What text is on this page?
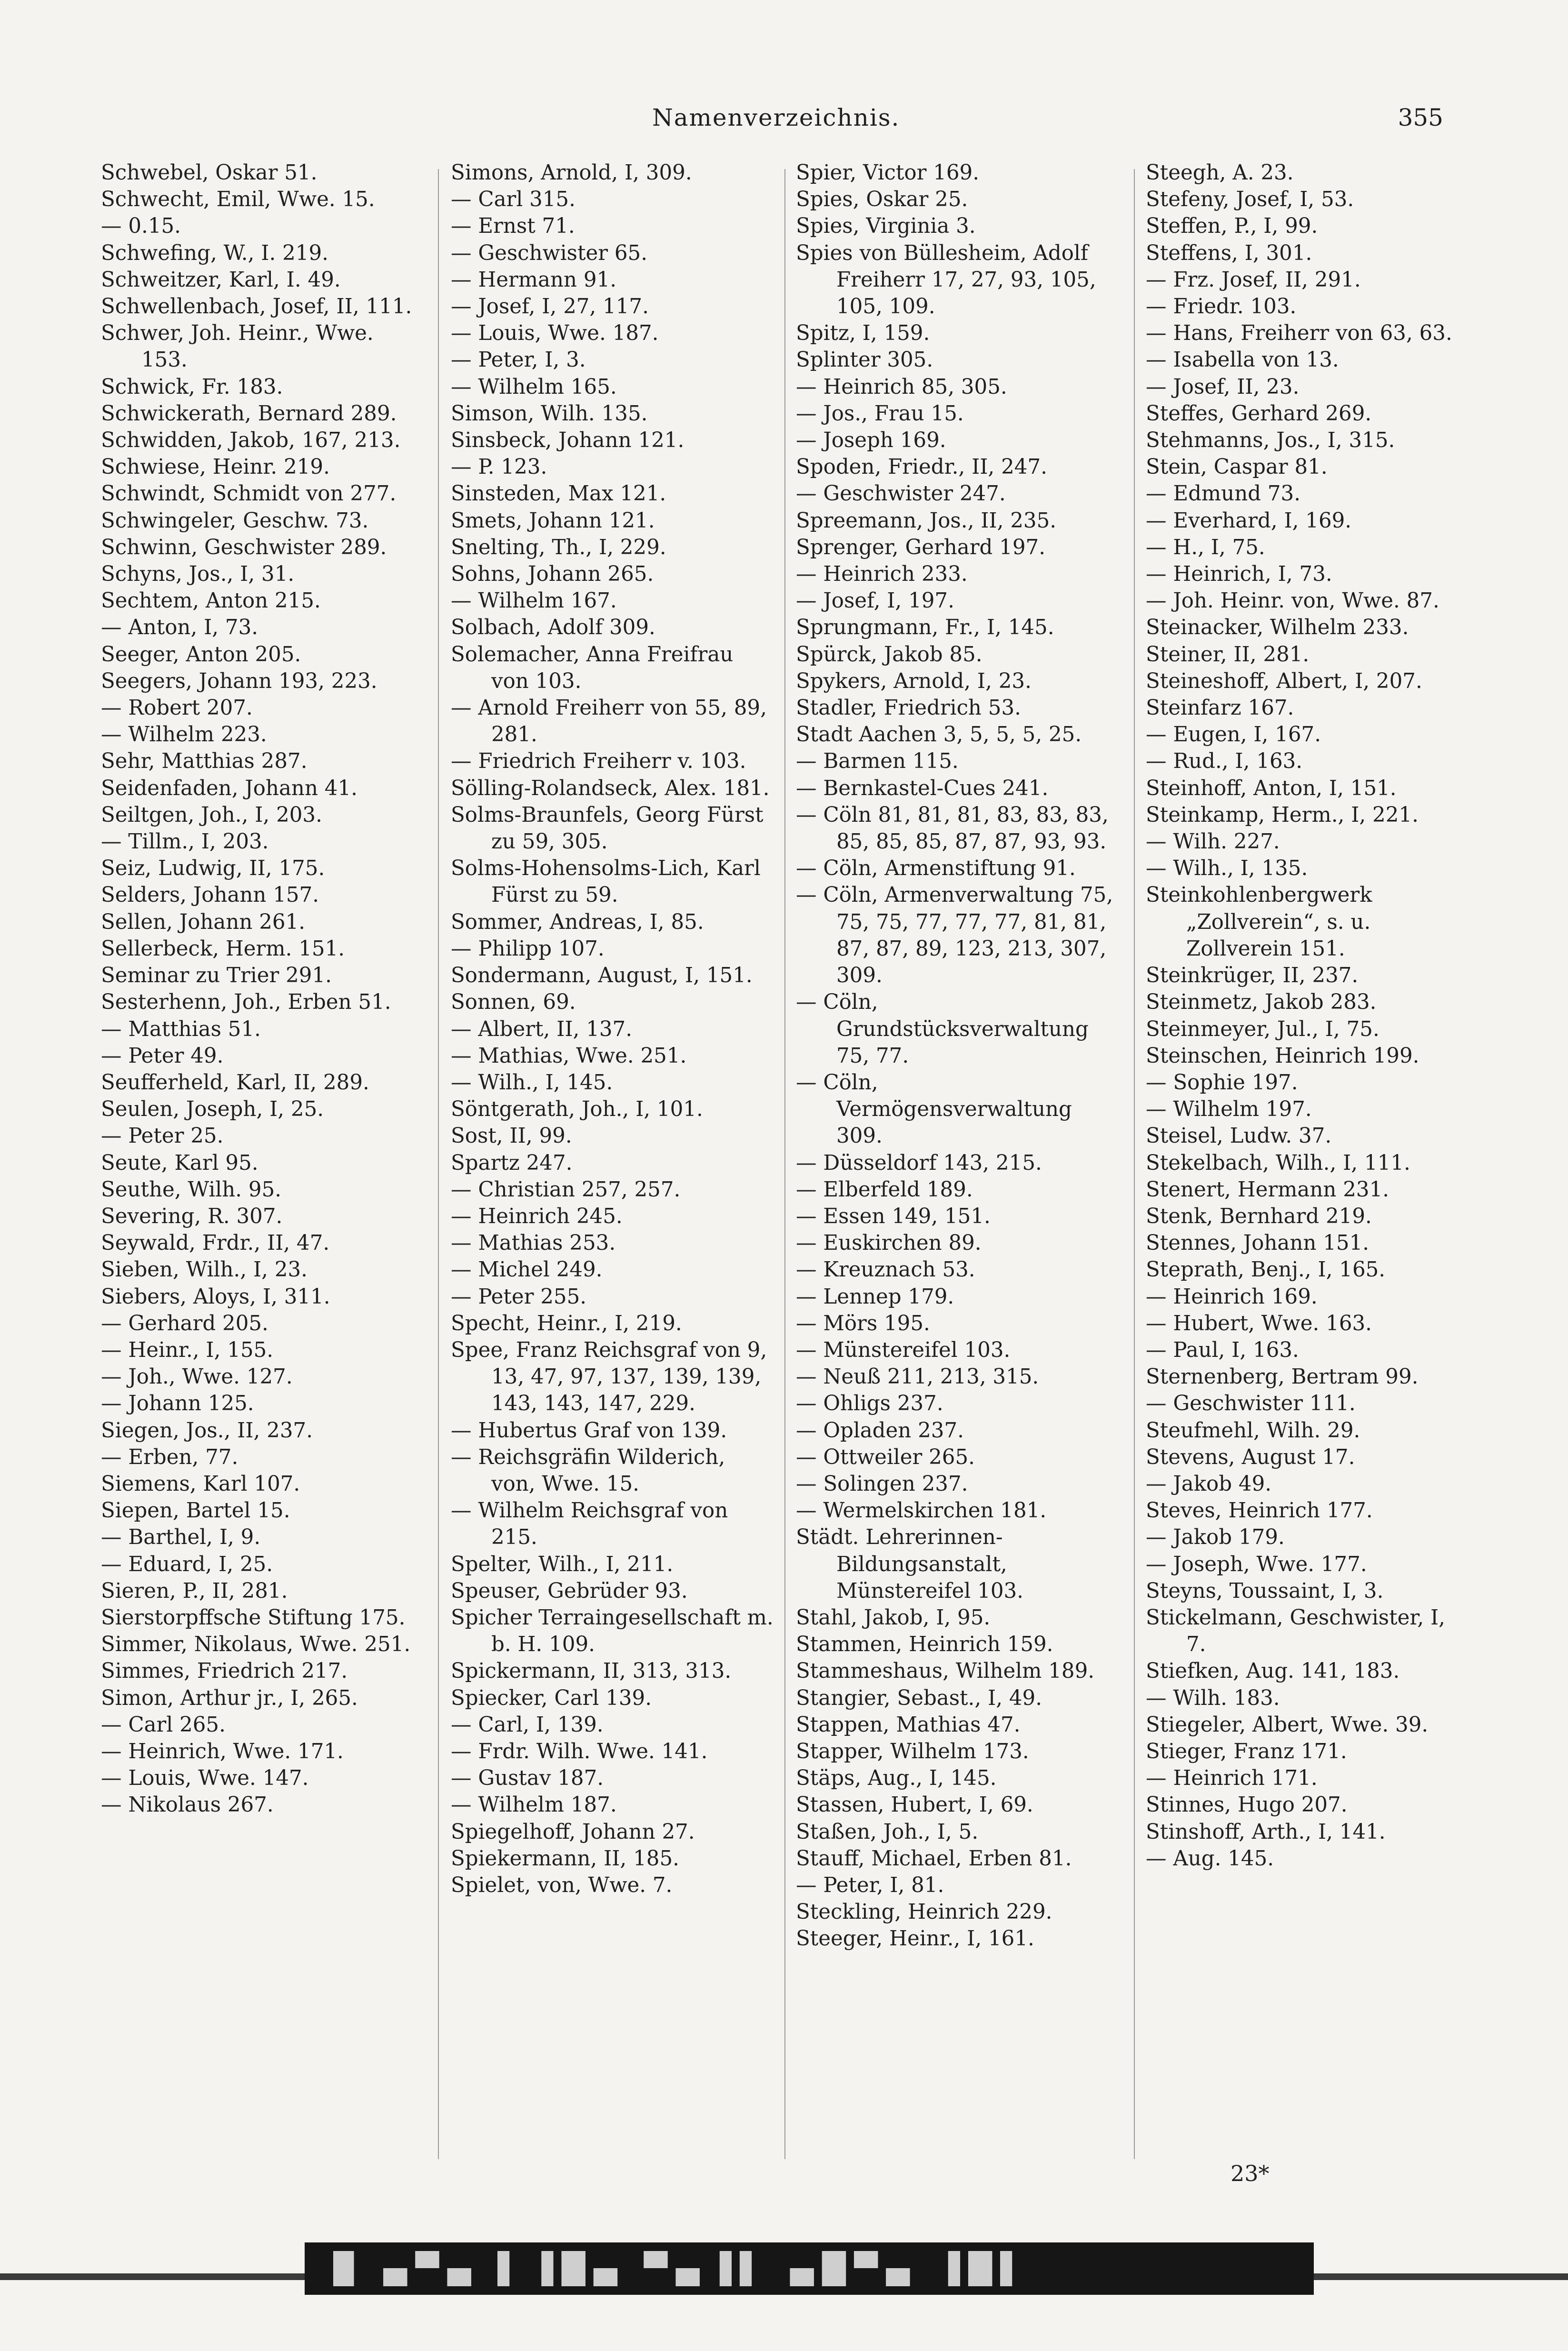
Namenverzeichnis.	355
Schwebel, Oskar 51.
Schwecht, Emil, Wwe. 15.
— 0.15.
Schwefing, W., I. 219.
Schweitzer, Karl, I. 49.
Schwellenbach, Josef, II, 111.
Schwer, Joh. Heinr., Wwe. 153.
Schwick, Fr. 183.
Schwickerath, Bernard 289.
Schwidden, Jakob, 167, 213.
Schwiese, Heinr. 219.
Schwindt, Schmidt von 277.
Schwingeler, Geschw. 73.
Schwinn, Geschwister 289.
Schyns, Jos., I, 31.
Sechtem, Anton 215.
— Anton, I, 73.
Seeger, Anton 205.
Seegers, Johann 193, 223.
— Robert 207.
— Wilhelm 223.
Sehr, Matthias 287.
Seidenfaden, Johann 41.
Seiltgen, Joh., I, 203.
— Tillm., I, 203.
Seiz, Ludwig, II, 175.
Selders, Johann 157.
Sellen, Johann 261.
Sellerbeck, Herm. 151.
Seminar zu Trier 291.
Sesterhenn, Joh., Erben 51.
— Matthias 51.
— Peter 49.
Seufferheld, Karl, II, 289.
Seulen, Joseph, I, 25.
— Peter 25.
Seute, Karl 95.
Seuthe, Wilh. 95.
Severing, R. 307.
Seywald, Frdr., II, 47.
Sieben, Wilh., I, 23.
Siebers, Aloys, I, 311.
— Gerhard 205.
— Heinr., I, 155.
— Joh., Wwe. 127.
— Johann 125.
Siegen, Jos., II, 237.
— Erben, 77.
Siemens, Karl 107.
Siepen, Bartel 15.
— Barthel, I, 9.
— Eduard, I, 25.
Sieren, P., II, 281.
Sierstorpffsche Stiftung 175.
Simmer, Nikolaus, Wwe. 251.
Simmes, Friedrich 217.
Simon, Arthur jr., I, 265.
— Carl 265.
— Heinrich, Wwe. 171.
— Louis, Wwe. 147.
— Nikolaus 267.
Simons, Arnold, I, 309.
— Carl 315.
— Ernst 71.
— Geschwister 65.
— Hermann 91.
— Josef, I, 27, 117.
— Louis, Wwe. 187.
— Peter, I, 3.
— Wilhelm 165.
Simson, Wilh. 135.
Sinsbeck, Johann 121.
— P. 123.
Sinsteden, Max 121.
Smets, Johann 121.
Snelting, Th., I, 229.
Sohns, Johann 265.
— Wilhelm 167.
Solbach, Adolf 309.
Solemacher, Anna Freifrau von 103.
— Arnold Freiherr von 55, 89, 281.
— Friedrich Freiherr v. 103.
Sölling-Rolandseck, Alex. 181.
Solms-Braunfels, Georg Fürst zu 59, 305.
Solms-Hohensolms-Lich, Karl Fürst zu 59.
Sommer, Andreas, I, 85.
— Philipp 107.
Sondermann, August, I, 151.
Sonnen, 69.
— Albert, II, 137.
— Mathias, Wwe. 251.
— Wilh., I, 145.
Söntgerath, Joh., I, 101.
Sost, II, 99.
Spartz 247.
— Christian 257, 257.
— Heinrich 245.
— Mathias 253.
— Michel 249.
— Peter 255.
Specht, Heinr., I, 219.
Spee, Franz Reichsgraf von 9, 13, 47, 97, 137, 139, 139, 143, 143, 147, 229.
— Hubertus Graf von 139.
— Reichsgräfin Wilderich, von, Wwe. 15.
— Wilhelm Reichsgraf von 215.
Spelter, Wilh., I, 211.
Speuser, Gebrüder 93.
Spicher Terraingesellschaft m. b. H. 109.
Spickermann, II, 313, 313.
Spiecker, Carl 139.
— Carl, I, 139.
— Frdr. Wilh. Wwe. 141.
— Gustav 187.
— Wilhelm 187.
Spiegelhoff, Johann 27.
Spiekermann, II, 185.
Spielet, von, Wwe. 7.
Spier, Victor 169.
Spies, Oskar 25.
Spies, Virginia 3.
Spies von Büllesheim, Adolf Freiherr 17, 27, 93, 105, 105, 109.
Spitz, I, 159.
Splinter 305.
— Heinrich 85, 305.
— Jos., Frau 15.
— Joseph 169.
Spoden, Friedr., II, 247.
— Geschwister 247.
Spreemann, Jos., II, 235.
Sprenger, Gerhard 197.
— Heinrich 233.
— Josef, I, 197.
Sprungmann, Fr., I, 145.
Spürck, Jakob 85.
Spykers, Arnold, I, 23.
Stadler, Friedrich 53.
Stadt Aachen 3, 5, 5, 5, 25.
— Barmen 115.
— Bernkastel-Cues 241.
— Cöln 81, 81, 81, 83, 83, 83, 85, 85, 85, 87, 87, 93, 93.
— Cöln, Armenstiftung 91.
— Cöln, Armenverwaltung 75, 75, 75, 77, 77, 77, 81, 81, 87, 87, 89, 123, 213, 307, 309.
— Cöln, Grundstücksverwaltung 75, 77.
— Cöln, Vermögensverwaltung 309.
— Düsseldorf 143, 215.
— Elberfeld 189.
— Essen 149, 151.
— Euskirchen 89.
— Kreuznach 53.
— Lennep 179.
— Mörs 195.
— Münstereifel 103.
— Neuß 211, 213, 315.
— Ohligs 237.
— Opladen 237.
— Ottweiler 265.
— Solingen 237.
— Wermelskirchen 181.
Städt. Lehrerinnen-Bildungsanstalt, Münstereifel 103.
Stahl, Jakob, I, 95.
Stammen, Heinrich 159.
Stammeshaus, Wilhelm 189.
Stangier, Sebast., I, 49.
Stappen, Mathias 47.
Stapper, Wilhelm 173.
Stäps, Aug., I, 145.
Stassen, Hubert, I, 69.
Staßen, Joh., I, 5.
Stauff, Michael, Erben 81.
— Peter, I, 81.
Steckling, Heinrich 229.
Steeger, Heinr., I, 161.
Steegh, A. 23.
Stefeny, Josef, I, 53.
Steffen, P., I, 99.
Steffens, I, 301.
— Frz. Josef, II, 291.
— Friedr. 103.
— Hans, Freiherr von 63, 63.
— Isabella von 13.
— Josef, II, 23.
Steffes, Gerhard 269.
Stehmanns, Jos., I, 315.
Stein, Caspar 81.
— Edmund 73.
— Everhard, I, 169.
— H., I, 75.
— Heinrich, I, 73.
— Joh. Heinr. von, Wwe. 87.
Steinacker, Wilhelm 233.
Steiner, II, 281.
Steineshoff, Albert, I, 207.
Steinfarz 167.
— Eugen, I, 167.
— Rud., I, 163.
Steinhoff, Anton, I, 151.
Steinkamp, Herm., I, 221.
— Wilh. 227.
— Wilh., I, 135.
Steinkohlenbergwerk „Zollverein“, s. u. Zollverein 151.
Steinkrüger, II, 237.
Steinmetz, Jakob 283.
Steinmeyer, Jul., I, 75.
Steinschen, Heinrich 199.
— Sophie 197.
— Wilhelm 197.
Steisel, Ludw. 37.
Stekelbach, Wilh., I, 111.
Stenert, Hermann 231.
Stenk, Bernhard 219.
Stennes, Johann 151.
Steprath, Benj., I, 165.
— Heinrich 169.
— Hubert, Wwe. 163.
— Paul, I, 163.
Sternenberg, Bertram 99.
— Geschwister 111.
Steufmehl, Wilh. 29.
Stevens, August 17.
— Jakob 49.
Steves, Heinrich 177.
— Jakob 179.
— Joseph, Wwe. 177.
Steyns, Toussaint, I, 3.
Stickelmann, Geschwister, I, 7.
Stiefken, Aug. 141, 183.
— Wilh. 183.
Stiegeler, Albert, Wwe. 39.
Stieger, Franz 171.
— Heinrich 171.
Stinnes, Hugo 207.
Stinshoff, Arth., I, 141.
— Aug. 145.
23*
▉ ▄▀▄ ▌▐█▄ ▀▄▐▌ ▄█▀▄ ▐█▌
